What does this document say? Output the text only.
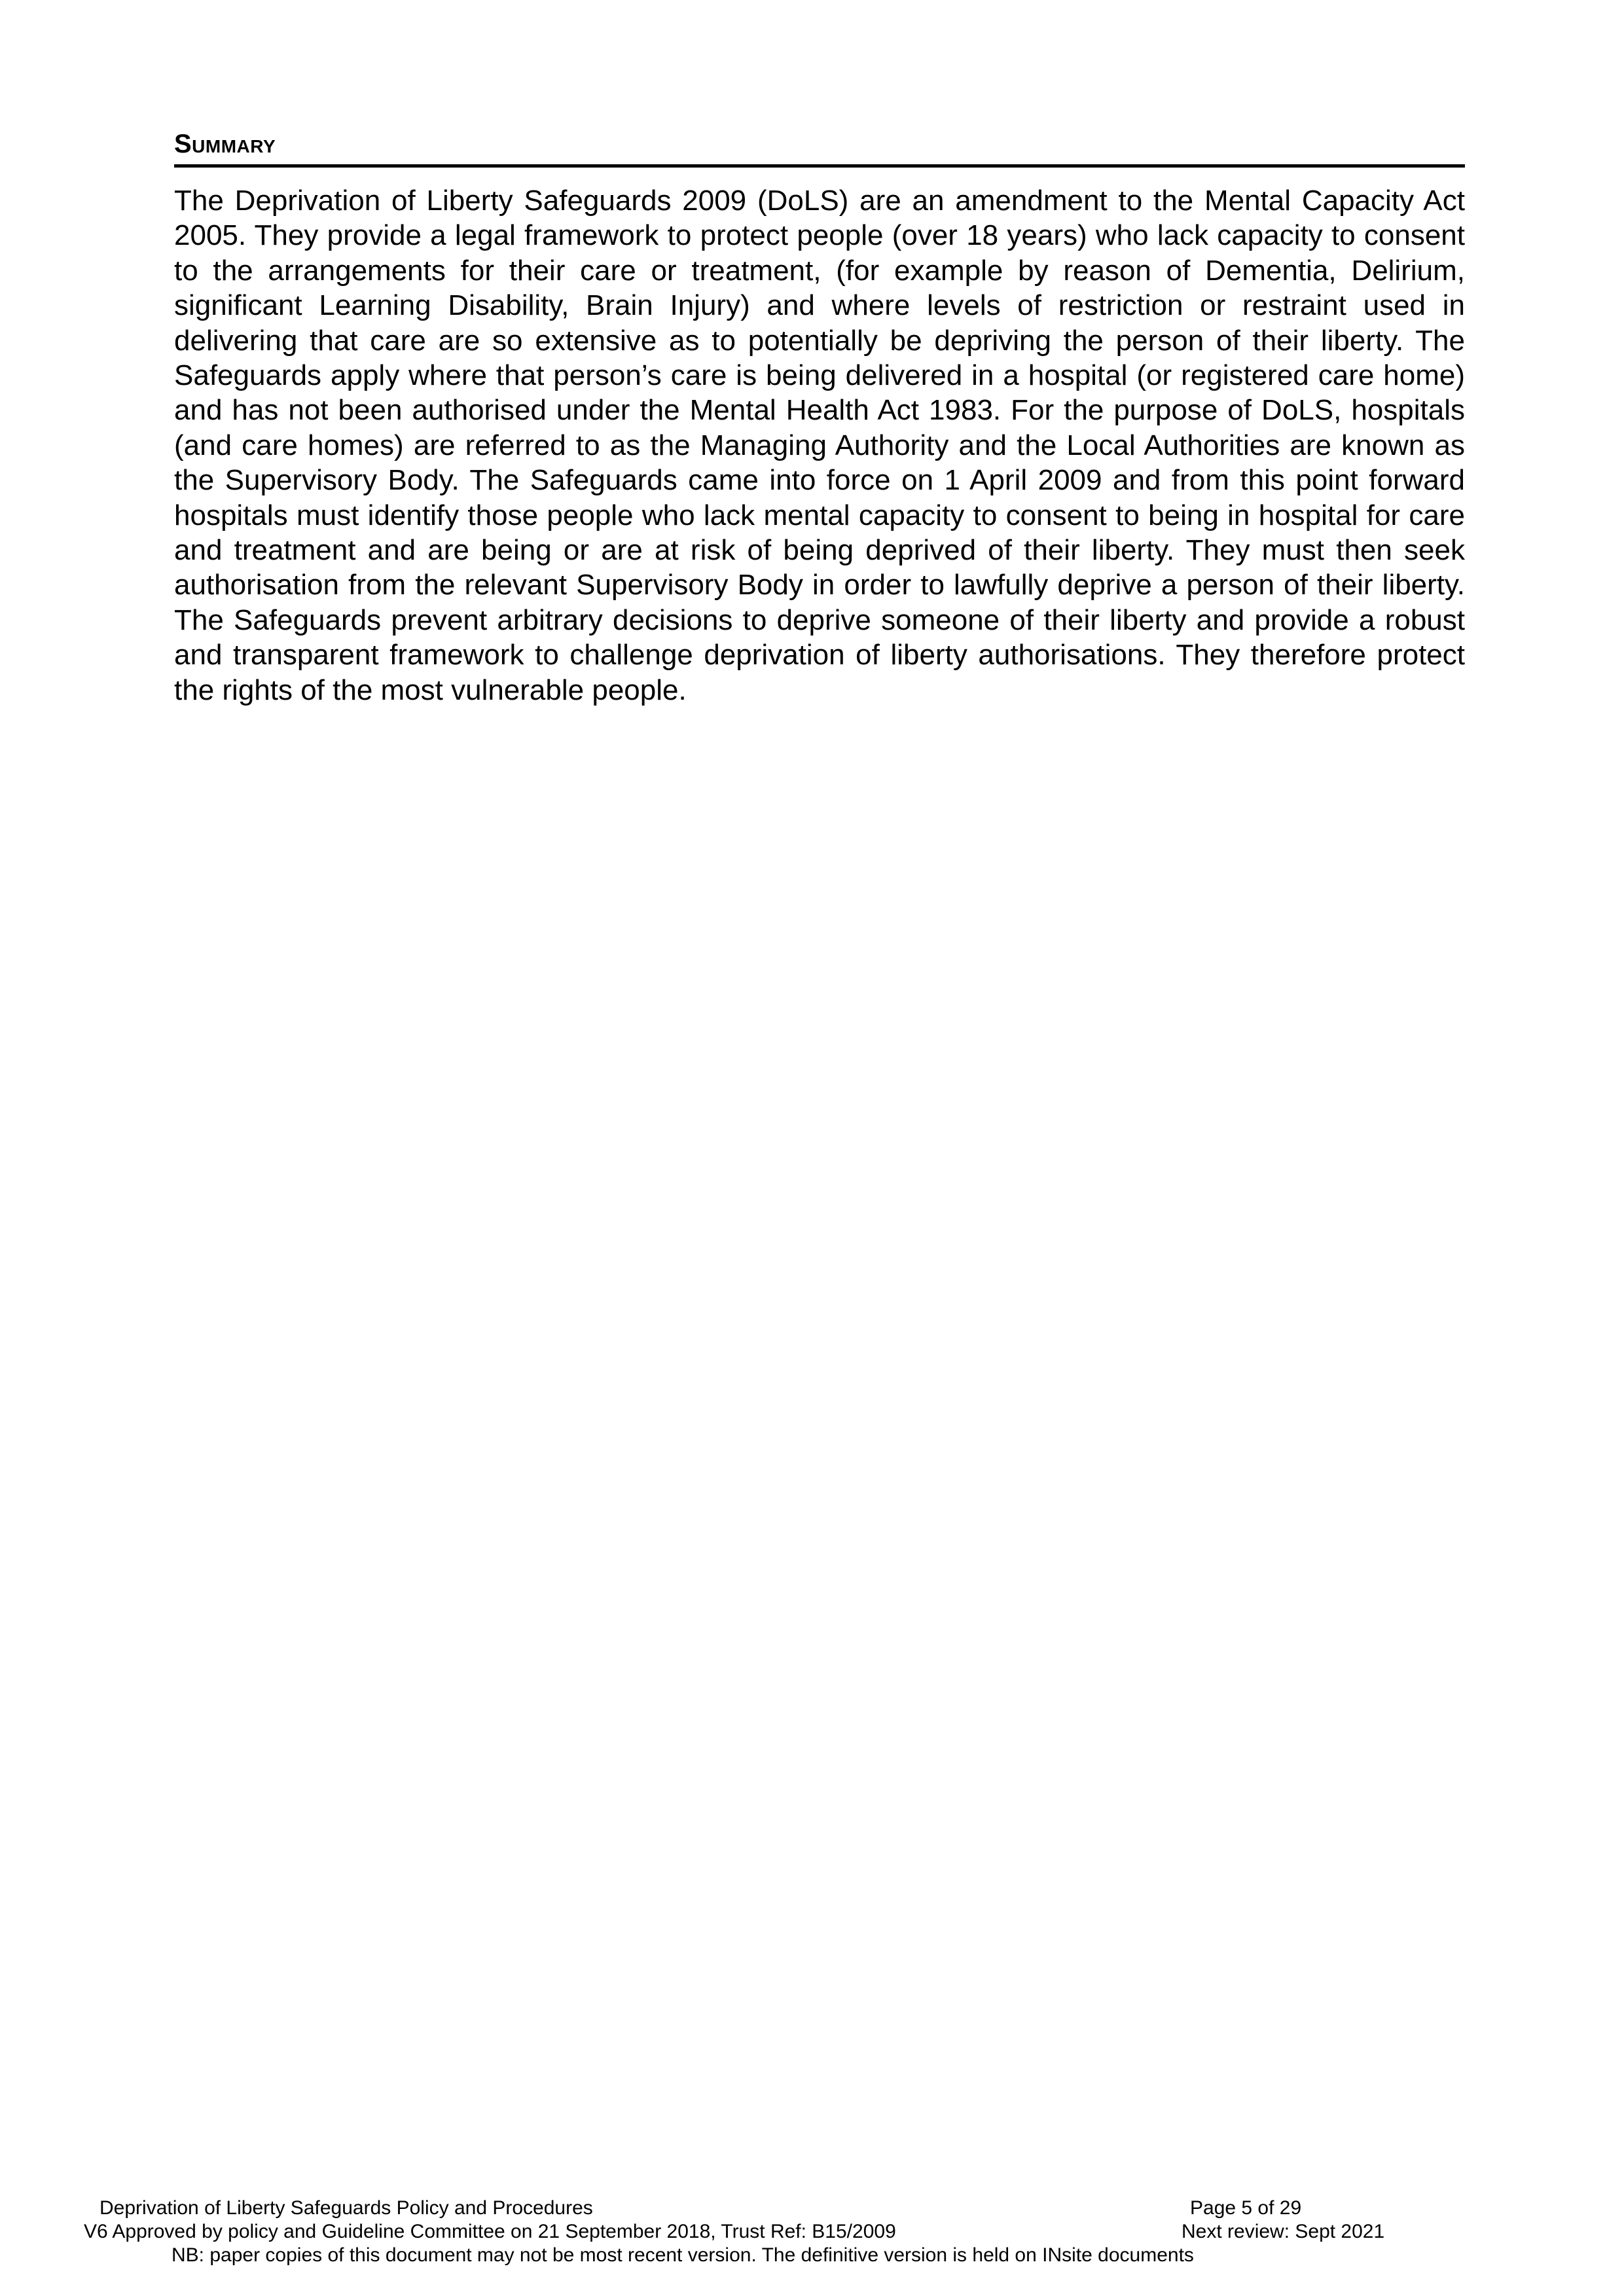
Summary

The Deprivation of Liberty Safeguards 2009 (DoLS) are an amendment to the Mental Capacity Act 2005. They provide a legal framework to protect people (over 18 years) who lack capacity to consent to the arrangements for their care or treatment, (for example by reason of Dementia, Delirium, significant Learning Disability, Brain Injury) and where levels of restriction or restraint used in delivering that care are so extensive as to potentially be depriving the person of their liberty. The Safeguards apply where that person’s care is being delivered in a hospital (or registered care home) and has not been authorised under the Mental Health Act 1983. For the purpose of DoLS, hospitals (and care homes) are referred to as the Managing Authority and the Local Authorities are known as the Supervisory Body. The Safeguards came into force on 1 April 2009 and from this point forward hospitals must identify those people who lack mental capacity to consent to being in hospital for care and treatment and are being or are at risk of being deprived of their liberty. They must then seek authorisation from the relevant Supervisory Body in order to lawfully deprive a person of their liberty. The Safeguards prevent arbitrary decisions to deprive someone of their liberty and provide a robust and transparent framework to challenge deprivation of liberty authorisations. They therefore protect the rights of the most vulnerable people.

Deprivation of Liberty Safeguards Policy and Procedures	Page 5 of 29
V6 Approved by policy and Guideline Committee on 21 September 2018, Trust Ref: B15/2009	Next review: Sept 2021
NB: paper copies of this document may not be most recent version. The definitive version is held on INsite documents
